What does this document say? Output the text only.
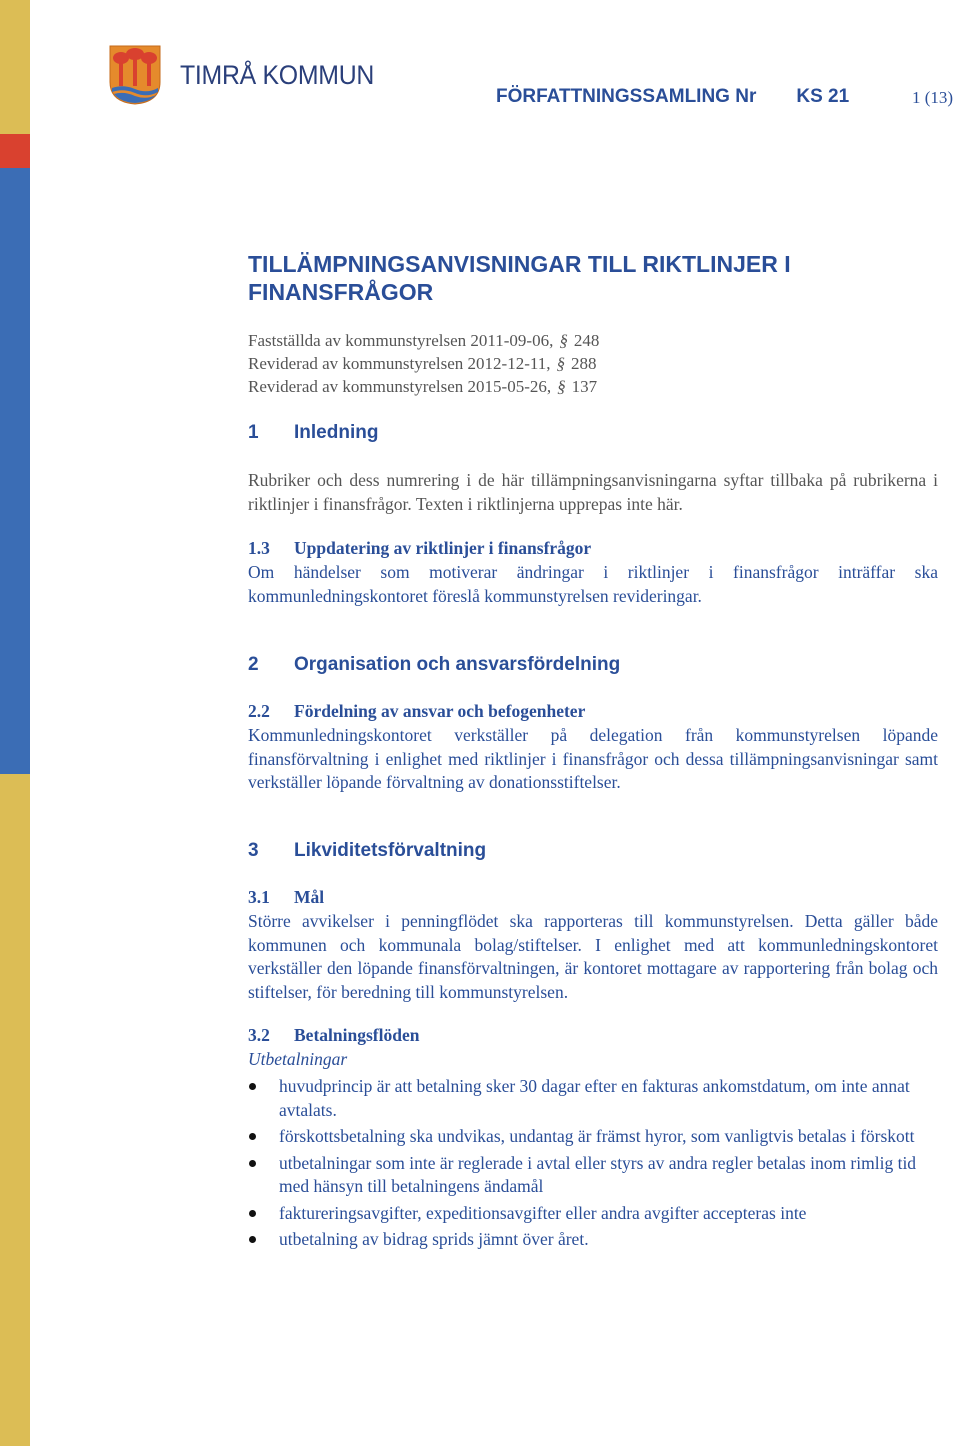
TIMRÅ KOMMUN
FÖRFATTNINGSSAMLING Nr KS 21	1 (13)
TILLÄMPNINGSANVISNINGAR TILL RIKTLINJER I FINANSFRÅGOR
Fastställda av kommunstyrelsen 2011-09-06, § 248
Reviderad av kommunstyrelsen 2012-12-11, § 288
Reviderad av kommunstyrelsen 2015-05-26, § 137
1 Inledning

Rubriker och dess numrering i de här tillämpningsanvisningarna syftar tillbaka på rubrikerna i riktlinjer i finansfrågor. Texten i riktlinjerna upprepas inte här.

1.3 Uppdatering av riktlinjer i finansfrågor

Om händelser som motiverar ändringar i riktlinjer i finansfrågor inträffar ska kommunledningskontoret föreslå kommunstyrelsen revideringar.

2 Organisation och ansvarsfördelning
2.2 Fördelning av ansvar och befogenheter

Kommunledningskontoret verkställer på delegation från kommunstyrelsen löpande finansförvaltning i enlighet med riktlinjer i finansfrågor och dessa tillämpningsanvisningar samt verkställer löpande förvaltning av donationsstiftelser.

3 Likviditetsförvaltning
3.1 Mål

Större avvikelser i penningflödet ska rapporteras till kommunstyrelsen. Detta gäller både kommunen och kommunala bolag/stiftelser. I enlighet med att kommunledningskontoret verkställer den löpande finansförvaltningen, är kontoret mottagare av rapportering från bolag och stiftelser, för beredning till kommunstyrelsen.

3.2 Betalningsflöden

Utbetalningar

huvudprincip är att betalning sker 30 dagar efter en fakturas ankomstdatum, om inte annat avtalats.
förskottsbetalning ska undvikas, undantag är främst hyror, som vanligtvis betalas i förskott
utbetalningar som inte är reglerade i avtal eller styrs av andra regler betalas inom rimlig tid med hänsyn till betalningens ändamål
faktureringsavgifter, expeditionsavgifter eller andra avgifter accepteras inte
utbetalning av bidrag sprids jämnt över året.
